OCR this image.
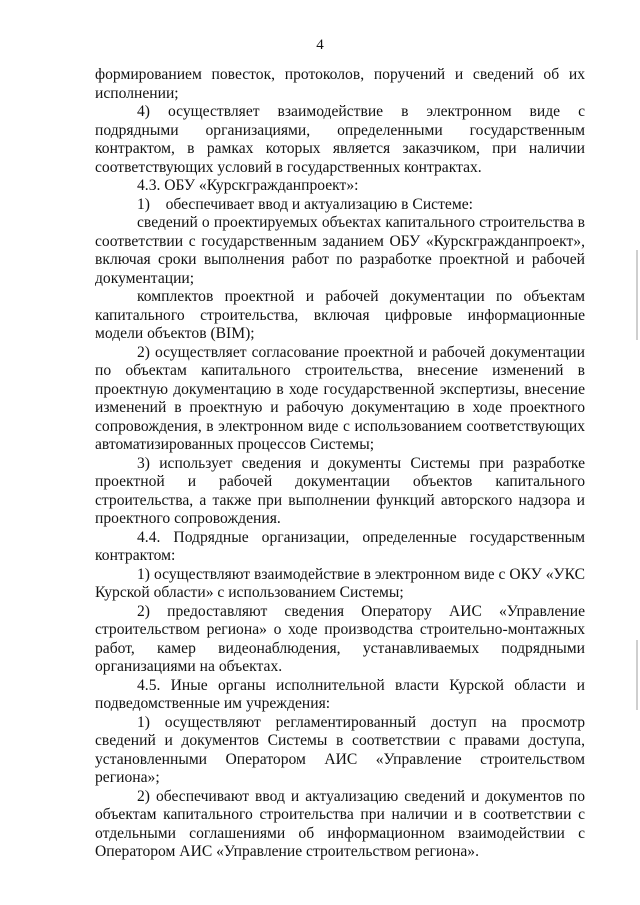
4

формированием повесток, протоколов, поручений и сведений об их исполнении;

4) осуществляет взаимодействие в электронном виде с подрядными организациями, определенными государственным контрактом, в рамках которых является заказчиком, при наличии соответствующих условий в государственных контрактах.

4.3. ОБУ «Курскгражданпроект»:

1)    обеспечивает ввод и актуализацию в Системе:

сведений о проектируемых объектах капитального строительства в соответствии с государственным заданием ОБУ «Курскгражданпроект», включая сроки выполнения работ по разработке проектной и рабочей документации;

комплектов проектной и рабочей документации по объектам капитального строительства, включая цифровые информационные модели объектов (BIM);

2) осуществляет согласование проектной и рабочей документации по объектам капитального строительства, внесение изменений в проектную документацию в ходе государственной экспертизы, внесение изменений в проектную и рабочую документацию в ходе проектного сопровождения, в электронном виде с использованием соответствующих автоматизированных процессов Системы;

3) использует сведения и документы Системы при разработке проектной и рабочей документации объектов капитального строительства, а также при выполнении функций авторского надзора и проектного сопровождения.

4.4. Подрядные организации, определенные государственным контрактом:

1) осуществляют взаимодействие в электронном виде с ОКУ «УКС Курской области» с использованием Системы;

2) предоставляют сведения Оператору АИС «Управление строительством региона» о ходе производства строительно-монтажных работ, камер видеонаблюдения, устанавливаемых подрядными организациями на объектах.

4.5. Иные органы исполнительной власти Курской области и подведомственные им учреждения:

1) осуществляют регламентированный доступ на просмотр сведений и документов Системы в соответствии с правами доступа, установленными Оператором АИС «Управление строительством региона»;

2) обеспечивают ввод и актуализацию сведений и документов по объектам капитального строительства при наличии и в соответствии с отдельными соглашениями об информационном взаимодействии с Оператором АИС «Управление строительством региона».
